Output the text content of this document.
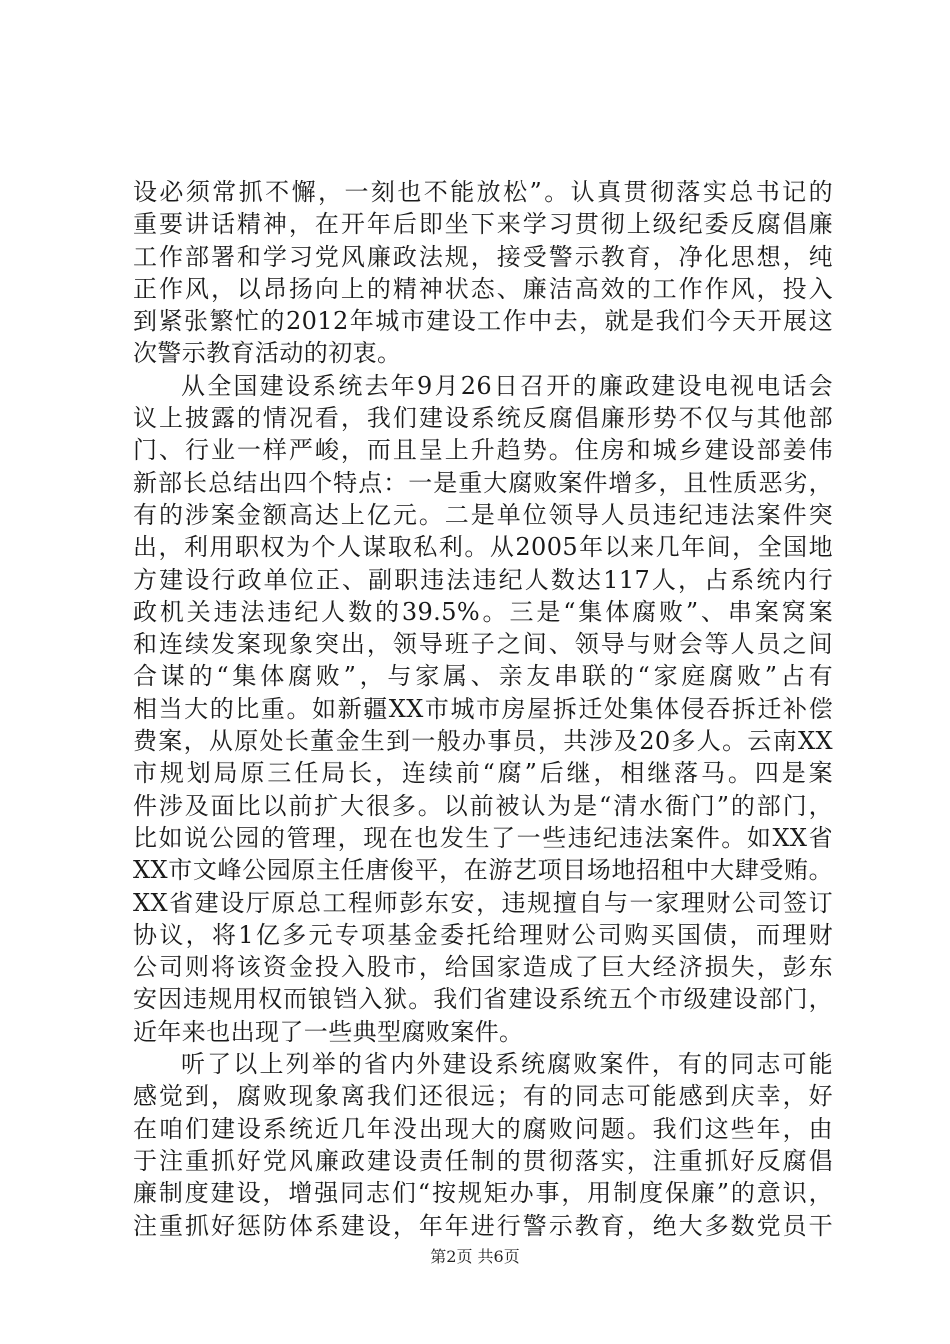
设必须常抓不懈，一刻也不能放松”。认真贯彻落实总书记的
重要讲话精神，在开年后即坐下来学习贯彻上级纪委反腐倡廉
工作部署和学习党风廉政法规，接受警示教育，净化思想，纯
正作风，以昂扬向上的精神状态、廉洁高效的工作作风，投入
到紧张繁忙的2012年城市建设工作中去，就是我们今天开展这
次警示教育活动的初衷。
从全国建设系统去年9月26日召开的廉政建设电视电话会
议上披露的情况看，我们建设系统反腐倡廉形势不仅与其他部
门、行业一样严峻，而且呈上升趋势。住房和城乡建设部姜伟
新部长总结出四个特点：一是重大腐败案件增多，且性质恶劣，
有的涉案金额高达上亿元。二是单位领导人员违纪违法案件突
出，利用职权为个人谋取私利。从2005年以来几年间，全国地
方建设行政单位正、副职违法违纪人数达117人，占系统内行
政机关违法违纪人数的39.5%。三是“集体腐败”、串案窝案
和连续发案现象突出，领导班子之间、领导与财会等人员之间
合谋的“集体腐败”，与家属、亲友串联的“家庭腐败”占有
相当大的比重。如新疆XX市城市房屋拆迁处集体侵吞拆迁补偿
费案，从原处长董金生到一般办事员，共涉及20多人。云南XX
市规划局原三任局长，连续前“腐”后继，相继落马。四是案
件涉及面比以前扩大很多。以前被认为是“清水衙门”的部门，
比如说公园的管理，现在也发生了一些违纪违法案件。如XX省
XX市文峰公园原主任唐俊平，在游艺项目场地招租中大肆受贿。
XX省建设厅原总工程师彭东安，违规擅自与一家理财公司签订
协议，将1亿多元专项基金委托给理财公司购买国债，而理财
公司则将该资金投入股市，给国家造成了巨大经济损失，彭东
安因违规用权而锒铛入狱。我们省建设系统五个市级建设部门，
近年来也出现了一些典型腐败案件。
听了以上列举的省内外建设系统腐败案件，有的同志可能
感觉到，腐败现象离我们还很远；有的同志可能感到庆幸，好
在咱们建设系统近几年没出现大的腐败问题。我们这些年，由
于注重抓好党风廉政建设责任制的贯彻落实，注重抓好反腐倡
廉制度建设，增强同志们“按规矩办事，用制度保廉”的意识，
注重抓好惩防体系建设，年年进行警示教育，绝大多数党员干
第2页 共6页
